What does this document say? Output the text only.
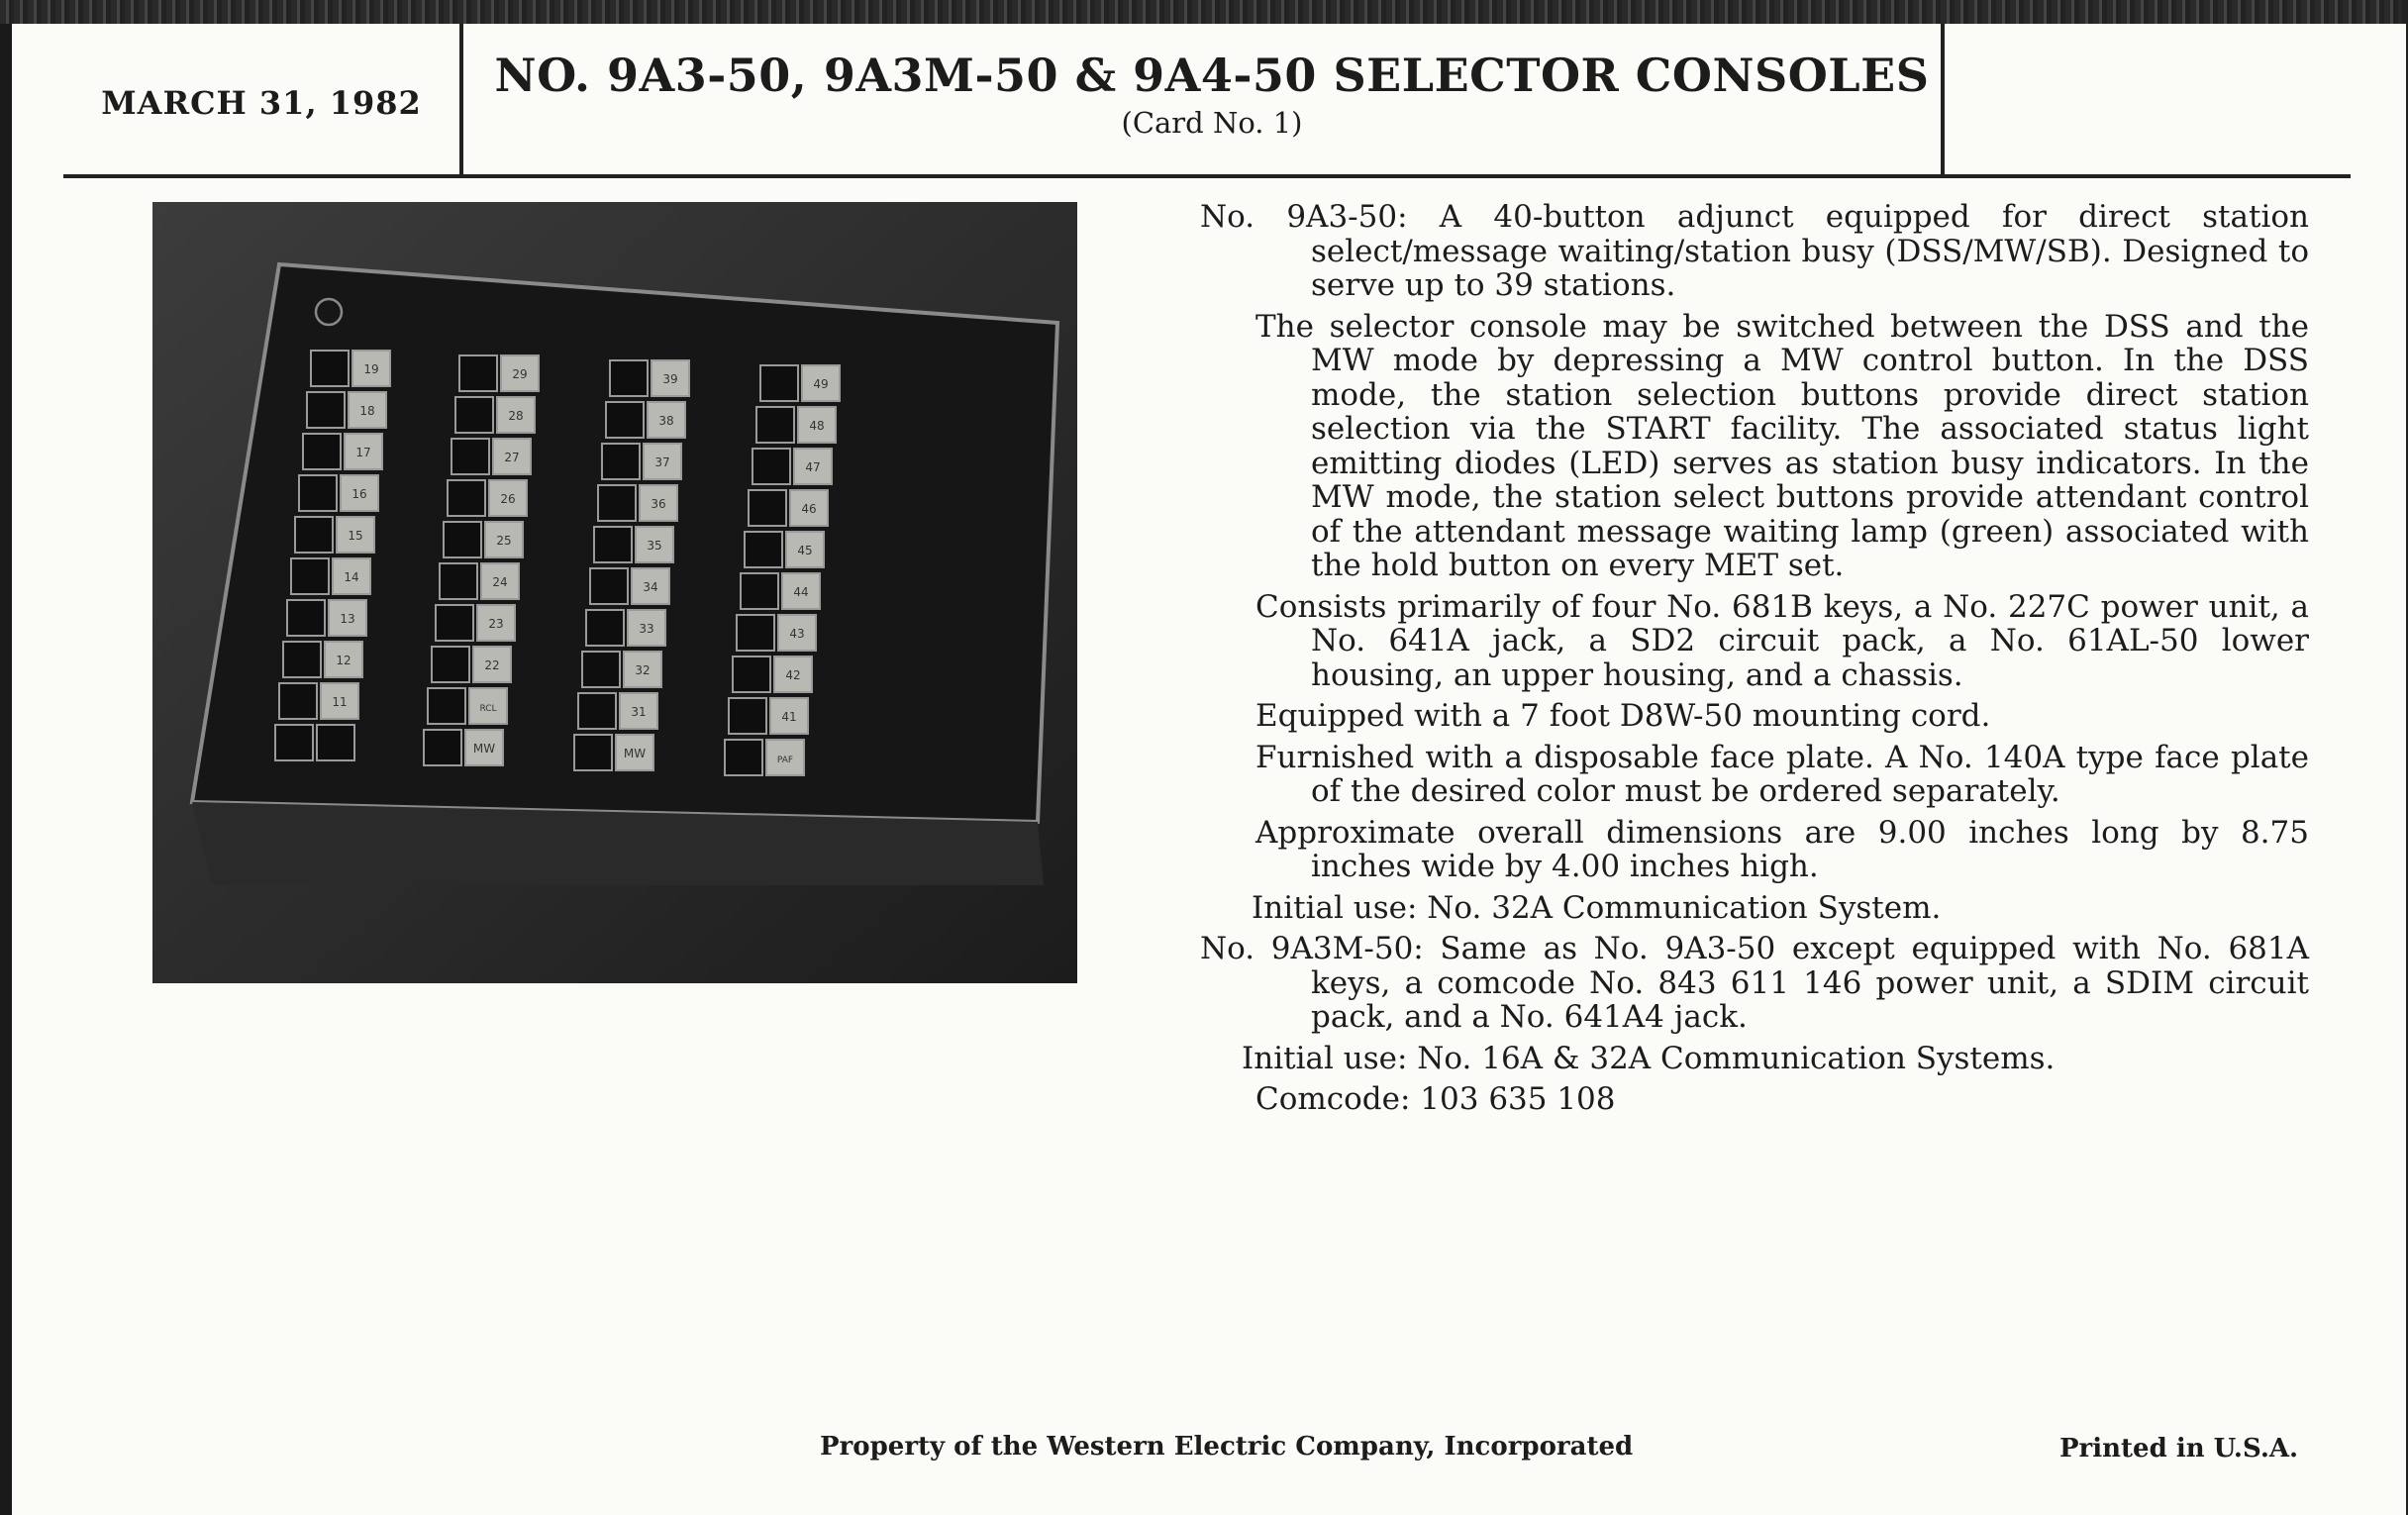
MARCH 31, 1982
NO. 9A3-50, 9A3M-50 & 9A4-50 SELECTOR CONSOLES
(Card No. 1)
19
18
17
16
15
14
13
12
11
29
28
27
26
25
24
23
22
RCL
MW
39
38
37
36
35
34
33
32
31
MW
49
48
47
46
45
44
43
42
41
PAF

No. 9A3-50: A 40-button adjunct equipped for direct station select/message waiting/station busy (DSS/MW/SB). Designed to serve up to 39 stations.

The selector console may be switched between the DSS and the MW mode by depressing a MW control button. In the DSS mode, the station selection buttons provide direct station selection via the START facility. The associated status light emitting diodes (LED) serves as station busy indicators. In the MW mode, the station select buttons provide attendant control of the attendant message waiting lamp (green) associated with the hold button on every MET set.

Consists primarily of four No. 681B keys, a No. 227C power unit, a No. 641A jack, a SD2 circuit pack, a No. 61AL-50 lower housing, an upper housing, and a chassis.

Equipped with a 7 foot D8W-50 mounting cord.

Furnished with a disposable face plate. A No. 140A type face plate of the desired color must be ordered separately.

Approximate overall dimensions are 9.00 inches long by 8.75 inches wide by 4.00 inches high.

Initial use: No. 32A Communication System.

No. 9A3M-50: Same as No. 9A3-50 except equipped with No. 681A keys, a comcode No. 843 611 146 power unit, a SDIM circuit pack, and a No. 641A4 jack.

Initial use: No. 16A & 32A Communication Systems.

Comcode: 103 635 108

Property of the Western Electric Company, Incorporated	Printed in U.S.A.
